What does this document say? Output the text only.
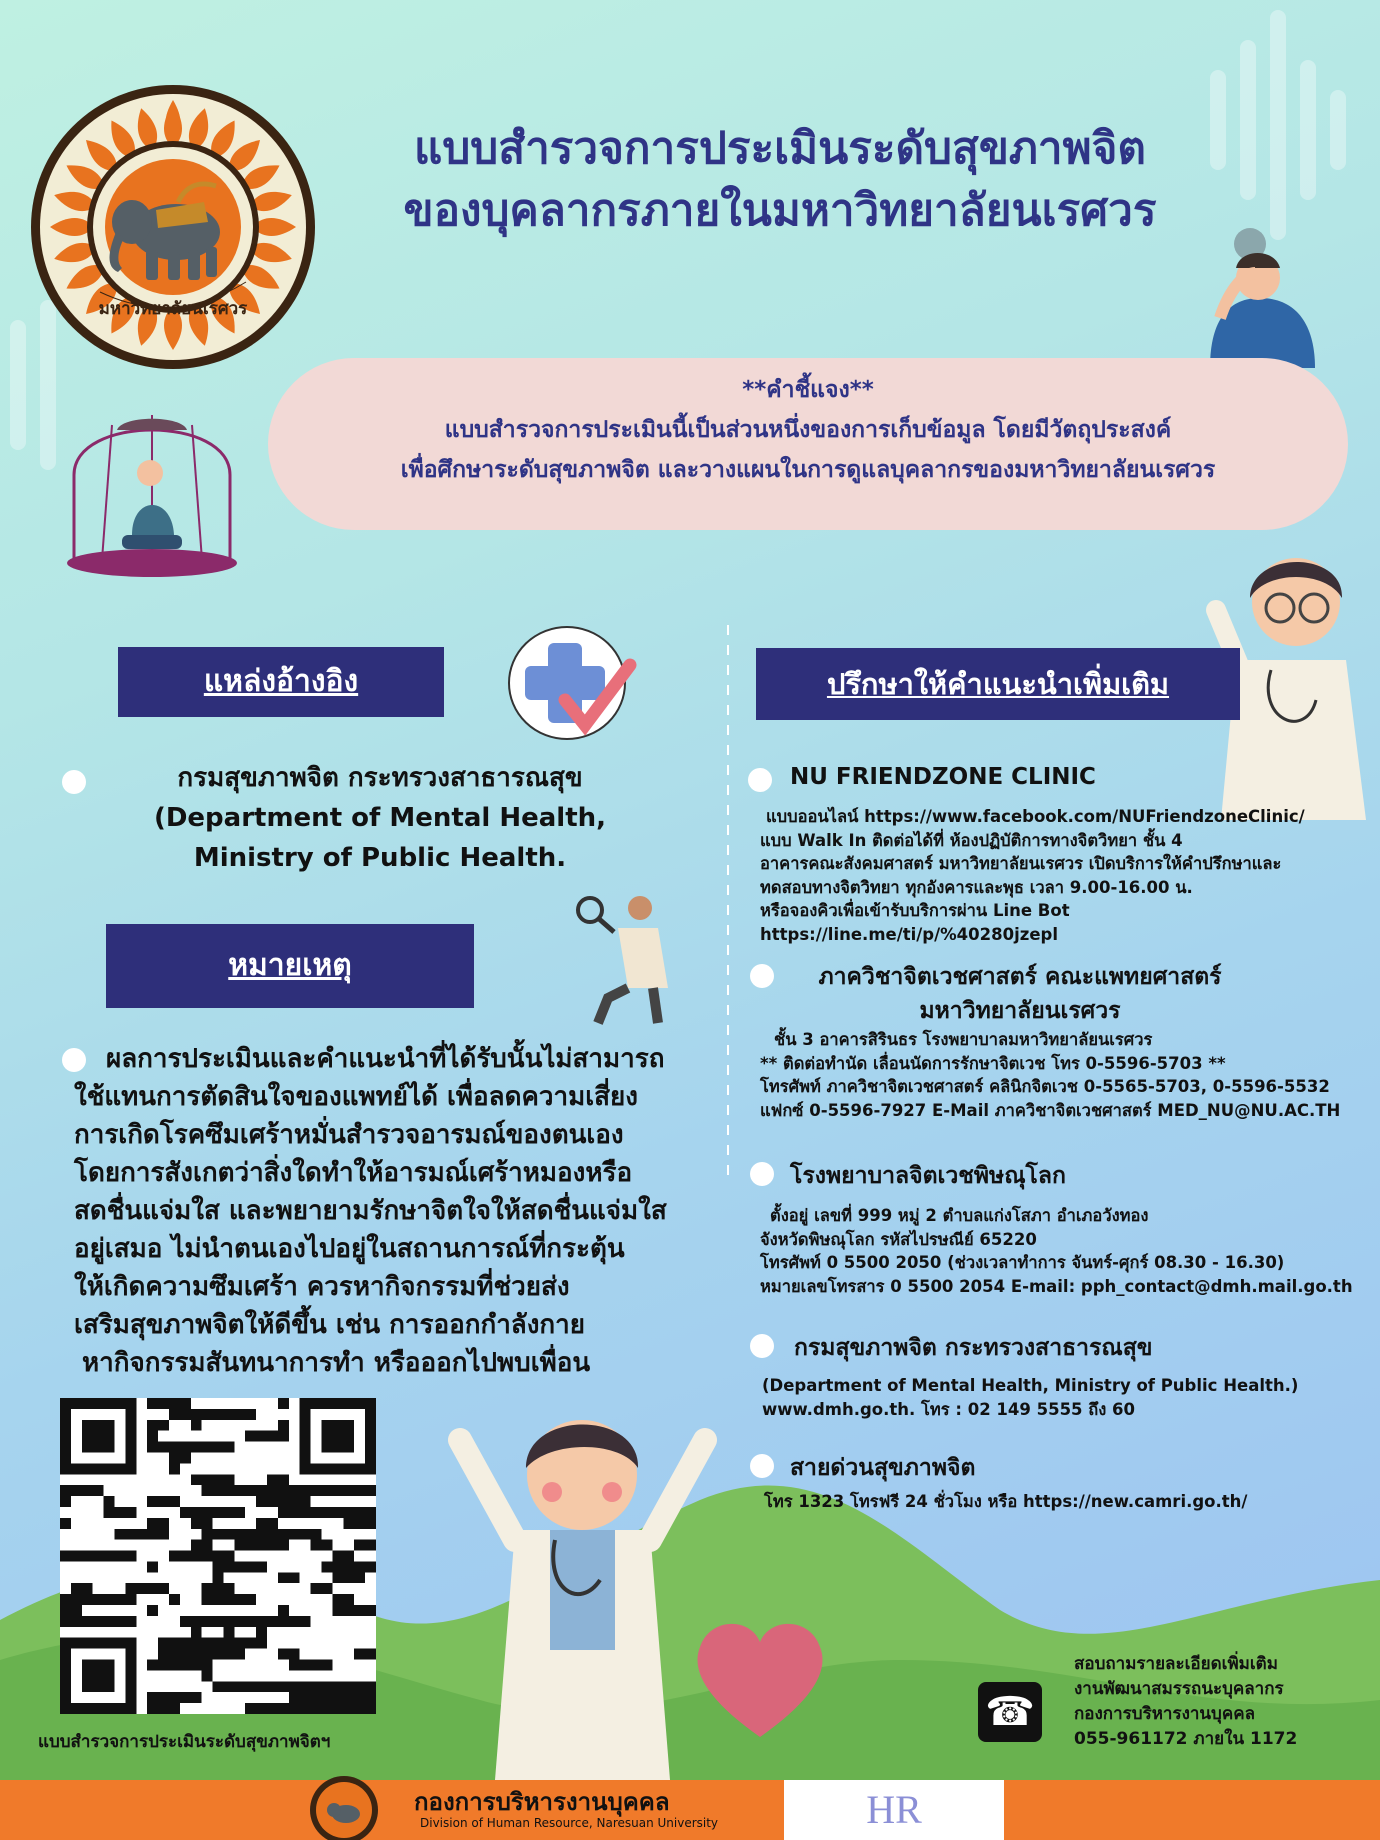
มหาวิทยาลัยนเรศวร
แบบสำรวจการประเมินระดับสุขภาพจิต
ของบุคลากรภายในมหาวิทยาลัยนเรศวร
**คำชี้แจง**
แบบสำรวจการประเมินนี้เป็นส่วนหนึ่งของการเก็บข้อมูล โดยมีวัตถุประสงค์
เพื่อศึกษาระดับสุขภาพจิต และวางแผนในการดูแลบุคลากรของมหาวิทยาลัยนเรศวร
แหล่งอ้างอิง
กรมสุขภาพจิต กระทรวงสาธารณสุข
(Department of Mental Health,
Ministry of Public Health.
หมายเหตุ
ผลการประเมินและคำแนะนำที่ได้รับนั้นไม่สามารถ
ใช้แทนการตัดสินใจของแพทย์ได้ เพื่อลดความเสี่ยง
การเกิดโรคซึมเศร้าหมั่นสำรวจอารมณ์ของตนเอง
โดยการสังเกตว่าสิ่งใดทำให้อารมณ์เศร้าหมองหรือ
สดชื่นแจ่มใส และพยายามรักษาจิตใจให้สดชื่นแจ่มใส
อยู่เสมอ ไม่นำตนเองไปอยู่ในสถานการณ์ที่กระตุ้น
ให้เกิดความซึมเศร้า ควรหากิจกรรมที่ช่วยส่ง
เสริมสุขภาพจิตให้ดีขึ้น เช่น การออกกำลังกาย
หากิจกรรมสันทนาการทำ หรือออกไปพบเพื่อน
แบบสำรวจการประเมินระดับสุขภาพจิตฯ
ปรึกษาให้คำแนะนำเพิ่มเติม
NU FRIENDZONE CLINIC
แบบออนไลน์ https://www.facebook.com/NUFriendzoneClinic/
แบบ Walk In ติดต่อได้ที่ ห้องปฏิบัติการทางจิตวิทยา ชั้น 4
อาคารคณะสังคมศาสตร์ มหาวิทยาลัยนเรศวร เปิดบริการให้คำปรึกษาและ
ทดสอบทางจิตวิทยา ทุกอังคารและพุธ เวลา 9.00-16.00 น.
หรือจองคิวเพื่อเข้ารับบริการผ่าน Line Bot https://line.me/ti/p/%40280jzepl
ภาควิชาจิตเวชศาสตร์ คณะแพทยศาสตร์
มหาวิทยาลัยนเรศวร
ชั้น 3 อาคารสิรินธร โรงพยาบาลมหาวิทยาลัยนเรศวร
** ติดต่อทำนัด เลื่อนนัดการรักษาจิตเวช โทร 0-5596-5703 **
โทรศัพท์ ภาควิชาจิตเวชศาสตร์ คลินิกจิตเวช 0-5565-5703, 0-5596-5532
แฟกซ์ 0-5596-7927 E-Mail ภาควิชาจิตเวชศาสตร์ MED_NU@NU.AC.TH
โรงพยาบาลจิตเวชพิษณุโลก
ตั้งอยู่ เลขที่ 999 หมู่ 2 ตำบลแก่งโสภา อำเภอวังทอง
จังหวัดพิษณุโลก รหัสไปรษณีย์ 65220
โทรศัพท์ 0 5500 2050 (ช่วงเวลาทำการ จันทร์-ศุกร์ 08.30 - 16.30)
หมายเลขโทรสาร 0 5500 2054 E-mail: pph_contact@dmh.mail.go.th
กรมสุขภาพจิต กระทรวงสาธารณสุข
(Department of Mental Health, Ministry of Public Health.)
www.dmh.go.th. โทร : 02 149 5555 ถึง 60
สายด่วนสุขภาพจิต
โทร 1323 โทรฟรี 24 ชั่วโมง หรือ https://new.camri.go.th/
☎
สอบถามรายละเอียดเพิ่มเติม
งานพัฒนาสมรรถนะบุคลากร
กองการบริหารงานบุคคล
055-961172 ภายใน 1172
กองการบริหารงานบุคคล
Division of Human Resource, Naresuan University	HR
